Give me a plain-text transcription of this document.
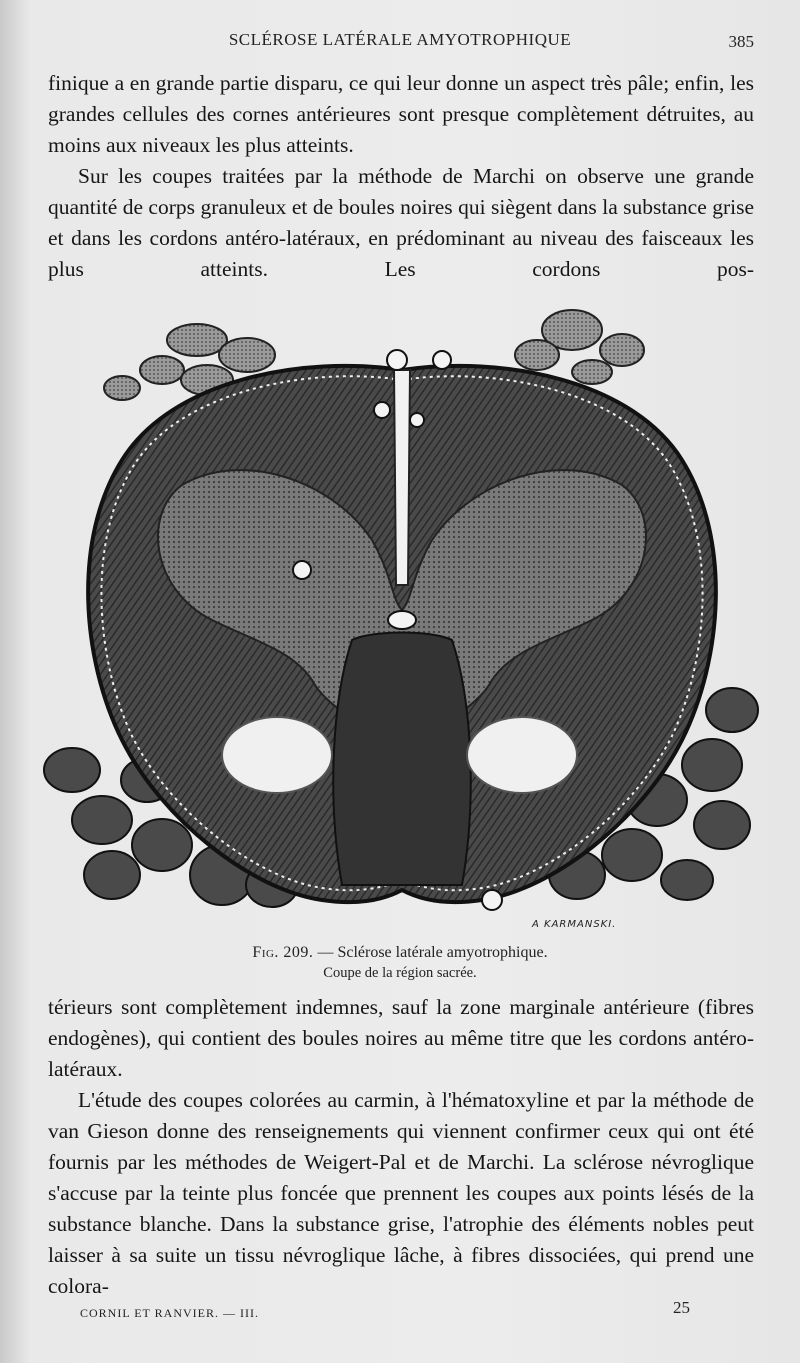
SCLÉROSE LATÉRALE AMYOTROPHIQUE	385

finique a en grande partie disparu, ce qui leur donne un aspect très pâle; enfin, les grandes cellules des cornes antérieures sont presque complètement détruites, au moins aux niveaux les plus atteints.

Sur les coupes traitées par la méthode de Marchi on observe une grande quantité de corps granuleux et de boules noires qui siègent dans la substance grise et dans les cordons antéro-latéraux, en prédominant au niveau des faisceaux les plus atteints. Les cordons pos-

A KARMANSKI.
Fig. 209. — Sclérose latérale amyotrophique.
Coupe de la région sacrée.

térieurs sont complètement indemnes, sauf la zone marginale antérieure (fibres endogènes), qui contient des boules noires au même titre que les cordons antéro-latéraux.

L'étude des coupes colorées au carmin, à l'hématoxyline et par la méthode de van Gieson donne des renseignements qui viennent confirmer ceux qui ont été fournis par les méthodes de Weigert-Pal et de Marchi. La sclérose névroglique s'accuse par la teinte plus foncée que prennent les coupes aux points lésés de la substance blanche. Dans la substance grise, l'atrophie des éléments nobles peut laisser à sa suite un tissu névroglique lâche, à fibres dissociées, qui prend une colora-

CORNIL ET RANVIER. — III.	25
